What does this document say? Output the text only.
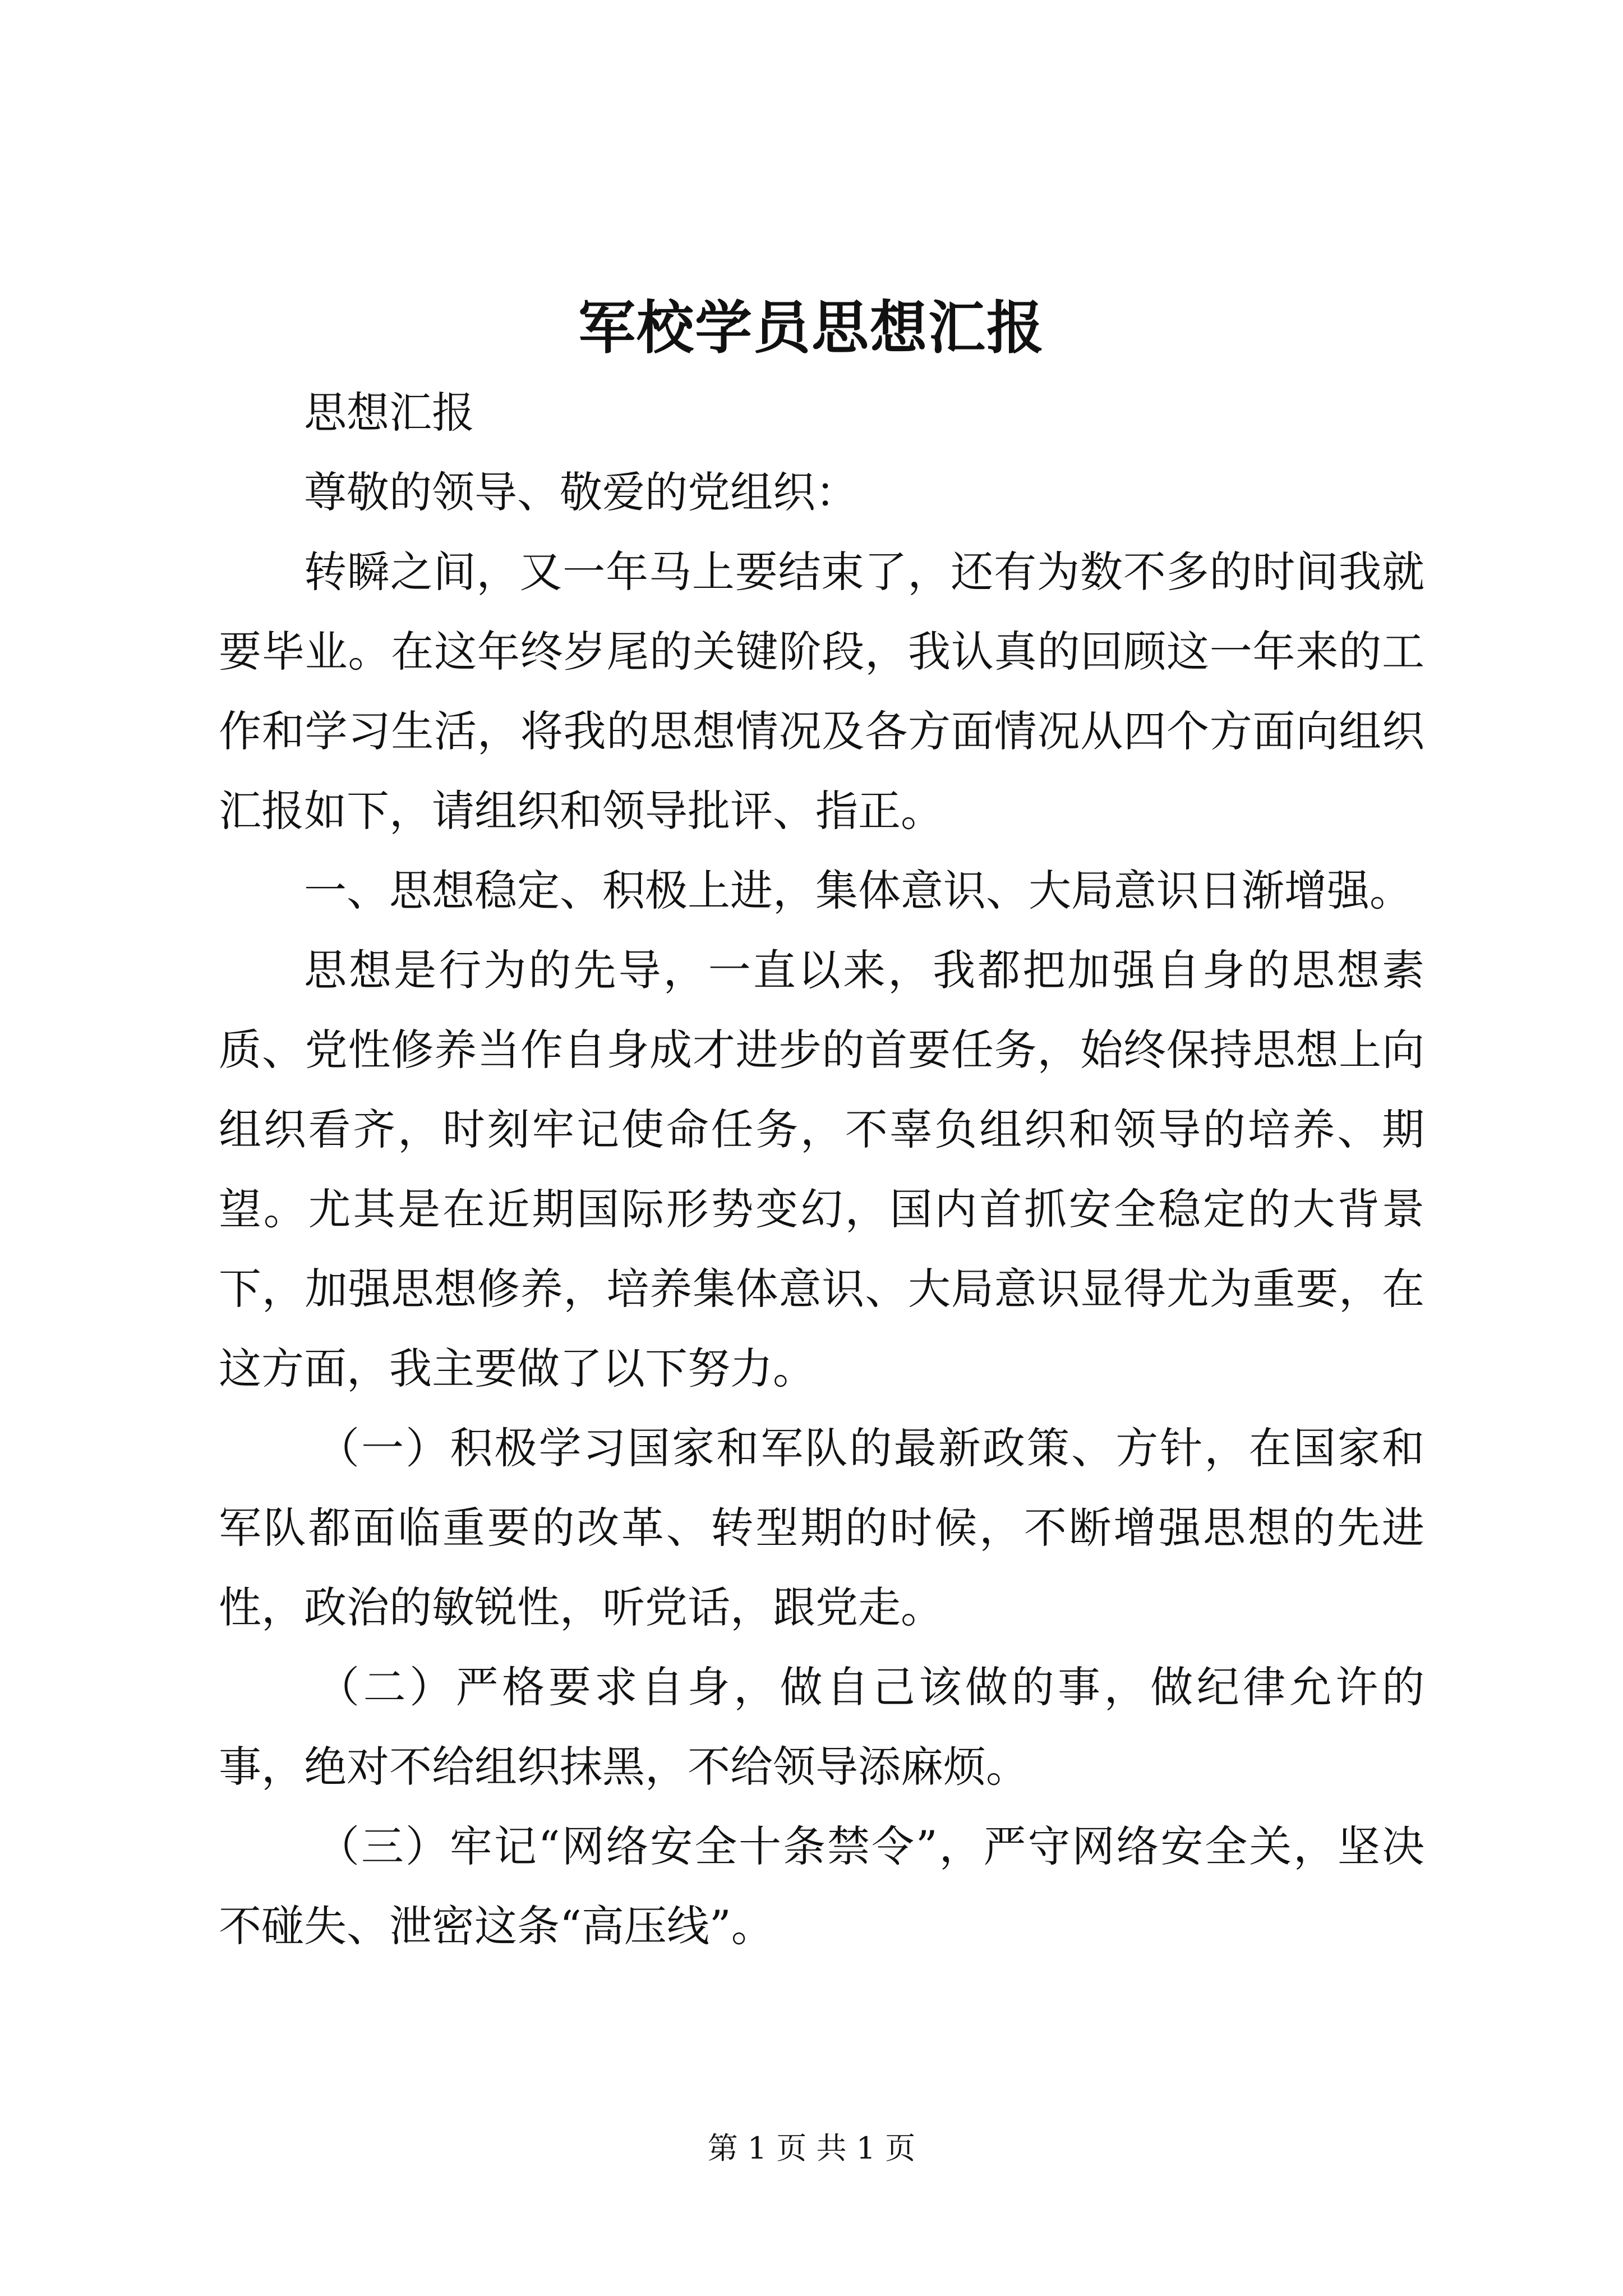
军校学员思想汇报

思想汇报

尊敬的领导、敬爱的党组织：

转瞬之间，又一年马上要结束了，还有为数不多的时间我就要毕业。在这年终岁尾的关键阶段，我认真的回顾这一年来的工作和学习生活，将我的思想情况及各方面情况从四个方面向组织汇报如下，请组织和领导批评、指正。

一、思想稳定、积极上进，集体意识、大局意识日渐增强。

思想是行为的先导，一直以来，我都把加强自身的思想素质、党性修养当作自身成才进步的首要任务，始终保持思想上向组织看齐，时刻牢记使命任务，不辜负组织和领导的培养、期望。尤其是在近期国际形势变幻，国内首抓安全稳定的大背景下，加强思想修养，培养集体意识、大局意识显得尤为重要，在这方面，我主要做了以下努力。

（一）积极学习国家和军队的最新政策、方针，在国家和军队都面临重要的改革、转型期的时候，不断增强思想的先进性，政治的敏锐性，听党话，跟党走。

（二）严格要求自身，做自己该做的事，做纪律允许的事，绝对不给组织抹黑，不给领导添麻烦。

（三）牢记“网络安全十条禁令”，严守网络安全关，坚决不碰失、泄密这条“高压线”。

第 1 页 共 1 页
